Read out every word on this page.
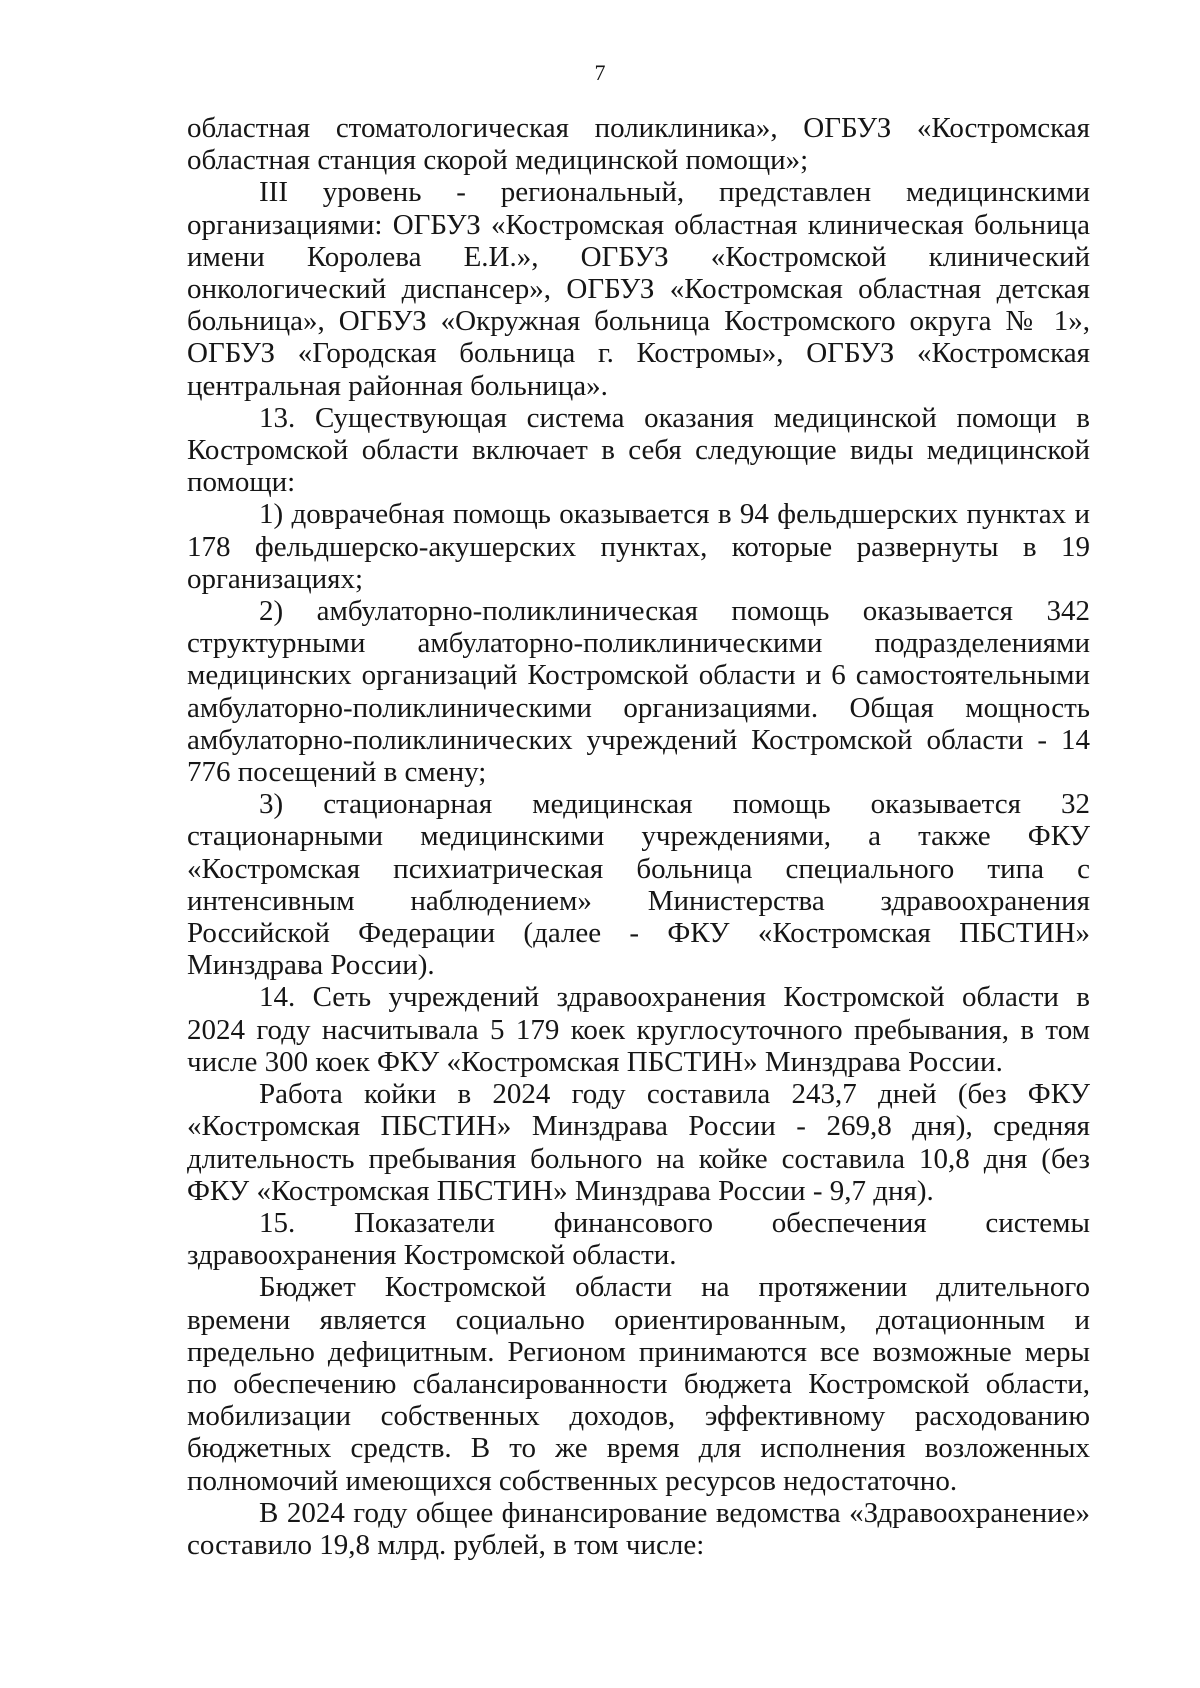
7

областная стоматологическая поликлиника», ОГБУЗ «Костромская областная станция скорой медицинской помощи»;

III уровень - региональный, представлен медицинскими организациями: ОГБУЗ «Костромская областная клиническая больница имени Королева Е.И.», ОГБУЗ «Костромской клинический онкологический диспансер», ОГБУЗ «Костромская областная детская больница», ОГБУЗ «Окружная больница Костромского округа № 1», ОГБУЗ «Городская больница г. Костромы», ОГБУЗ «Костромская центральная районная больница».

13. Существующая система оказания медицинской помощи в Костромской области включает в себя следующие виды медицинской помощи:

1) доврачебная помощь оказывается в 94 фельдшерских пунктах и 178 фельдшерско-акушерских пунктах, которые развернуты в 19 организациях;

2) амбулаторно-поликлиническая помощь оказывается 342 структурными амбулаторно-поликлиническими подразделениями медицинских организаций Костромской области и 6 самостоятельными амбулаторно-поликлиническими организациями. Общая мощность амбулаторно-поликлинических учреждений Костромской области - 14 776 посещений в смену;

3) стационарная медицинская помощь оказывается 32 стационарными медицинскими учреждениями, а также ФКУ «Костромская психиатрическая больница специального типа с интенсивным наблюдением» Министерства здравоохранения Российской Федерации (далее - ФКУ «Костромская ПБСТИН» Минздрава России).

14. Сеть учреждений здравоохранения Костромской области в 2024 году насчитывала 5 179 коек круглосуточного пребывания, в том числе 300 коек ФКУ «Костромская ПБСТИН» Минздрава России.

Работа койки в 2024 году составила 243,7 дней (без ФКУ «Костромская ПБСТИН» Минздрава России - 269,8 дня), средняя длительность пребывания больного на койке составила 10,8 дня (без ФКУ «Костромская ПБСТИН» Минздрава России - 9,7 дня).

15. Показатели финансового обеспечения системы здравоохранения Костромской области.

Бюджет Костромской области на протяжении длительного времени является социально ориентированным, дотационным и предельно дефицитным. Регионом принимаются все возможные меры по обеспечению сбалансированности бюджета Костромской области, мобилизации собственных доходов, эффективному расходованию бюджетных средств. В то же время для исполнения возложенных полномочий имеющихся собственных ресурсов недостаточно.

В 2024 году общее финансирование ведомства «Здравоохранение» составило 19,8 млрд. рублей, в том числе:
